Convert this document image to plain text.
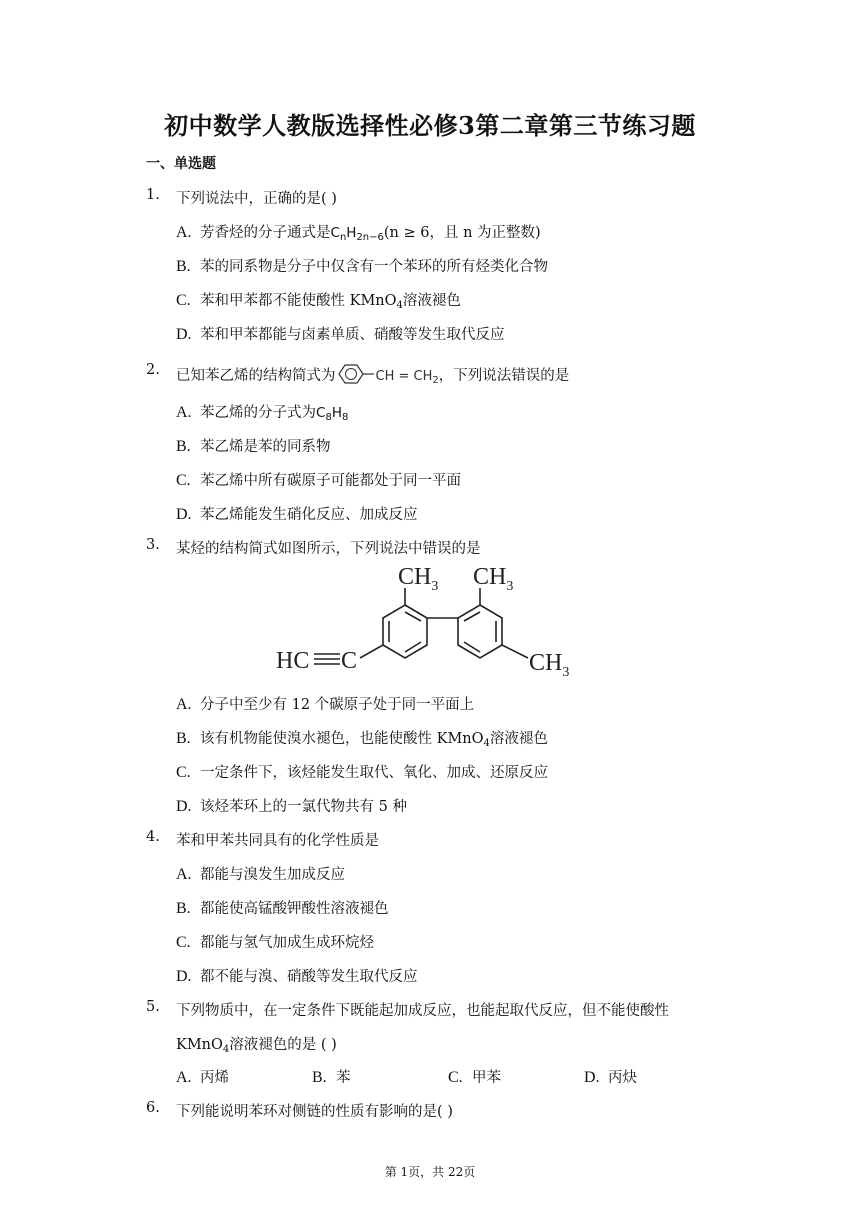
初中数学人教版选择性必修3第二章第三节练习题
一、单选题
1. 下列说法中，正确的是( )
A. 芳香烃的分子通式是$C_nH_{2n-6}(n \ge 6$，且 n 为正整数)
B. 苯的同系物是分子中仅含有一个苯环的所有烃类化合物
C. 苯和甲苯都不能使酸性 KMnO$_4$溶液褪色
D. 苯和甲苯都能与卤素单质、硝酸等发生取代反应
2. 已知苯乙烯的结构简式为	CH = $CH_2$，下列说法错误的是
A. 苯乙烯的分子式为$C_8H_8$
B. 苯乙烯是苯的同系物
C. 苯乙烯中所有碳原子可能都处于同一平面
D. 苯乙烯能发生硝化反应、加成反应
3. 某烃的结构简式如图所示，下列说法中错误的是
$CH_3$ $CH_3$
$CH_3$
HC C
A. 分子中至少有 12 个碳原子处于同一平面上
B. 该有机物能使溴水褪色，也能使酸性 KMnO$_4$溶液褪色
C. 一定条件下，该烃能发生取代、氧化、加成、还原反应
D. 该烃苯环上的一氯代物共有 5 种
4. 苯和甲苯共同具有的化学性质是
A. 都能与溴发生加成反应
B. 都能使高锰酸钾酸性溶液褪色
C. 都能与氢气加成生成环烷烃
D. 都不能与溴、硝酸等发生取代反应
5. 下列物质中，在一定条件下既能起加成反应，也能起取代反应，但不能使酸性
KMnO$_4$溶液褪色的是 ( )
A. 丙烯	B. 苯	C. 甲苯	D. 丙炔
6. 下列能说明苯环对侧链的性质有影响的是( )
第 1页，共 22页
